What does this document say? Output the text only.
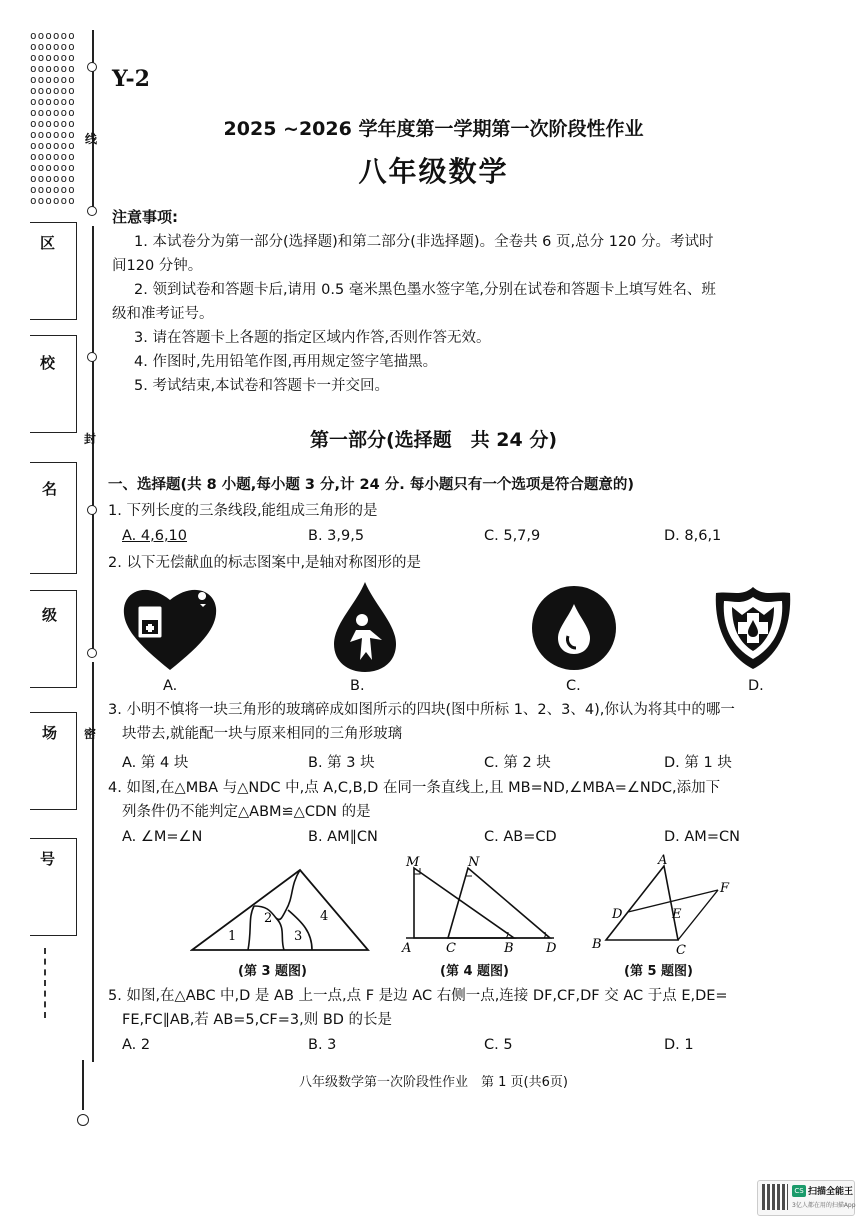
oooooo
oooooo
oooooo
oooooo
oooooo
oooooo
oooooo
oooooo
oooooo
oooooo
oooooo
oooooo
oooooo
oooooo
oooooo
oooooo
线
区
封
校
名
级
密
场
号
Y-2
2025 ~2026 学年度第一学期第一次阶段性作业
八年级数学
注意事项:
1. 本试卷分为第一部分(选择题)和第二部分(非选择题)。全卷共 6 页,总分 120 分。考试时
间120 分钟。
2. 领到试卷和答题卡后,请用 0.5 毫米黑色墨水签字笔,分别在试卷和答题卡上填写姓名、班
级和准考证号。
3. 请在答题卡上各题的指定区域内作答,否则作答无效。
4. 作图时,先用铅笔作图,再用规定签字笔描黑。
5. 考试结束,本试卷和答题卡一并交回。
第一部分(选择题　共 24 分)
一、选择题(共 8 小题,每小题 3 分,计 24 分. 每小题只有一个选项是符合题意的)
1. 下列长度的三条线段,能组成三角形的是
A. 4,6,10	B. 3,9,5	C. 5,7,9	D. 8,6,1
2. 以下无偿献血的标志图案中,是轴对称图形的是
A.	B.	C.	D.
3. 小明不慎将一块三角形的玻璃碎成如图所示的四块(图中所标 1、2、3、4),你认为将其中的哪一
块带去,就能配一块与原来相同的三角形玻璃
A. 第 4 块	B. 第 3 块	C. 第 2 块	D. 第 1 块
4. 如图,在△MBA 与△NDC 中,点 A,C,B,D 在同一条直线上,且 MB=ND,∠MBA=∠NDC,添加下
列条件仍不能判定△ABM≌△CDN 的是
A. ∠M=∠N	B. AM∥CN	C. AB=CD	D. AM=CN
1
2
3
4
(第 3 题图)
M	N
A	C	B D
(第 4 题图)
A
D	E
F
B	C
(第 5 题图)
5. 如图,在△ABC 中,D 是 AB 上一点,点 F 是边 AC 右侧一点,连接 DF,CF,DF 交 AC 于点 E,DE=
FE,FC∥AB,若 AB=5,CF=3,则 BD 的长是
A. 2	B. 3	C. 5	D. 1
八年级数学第一次阶段性作业　第 1 页(共6页)
CS 扫描全能王
3亿人都在用的扫描App
